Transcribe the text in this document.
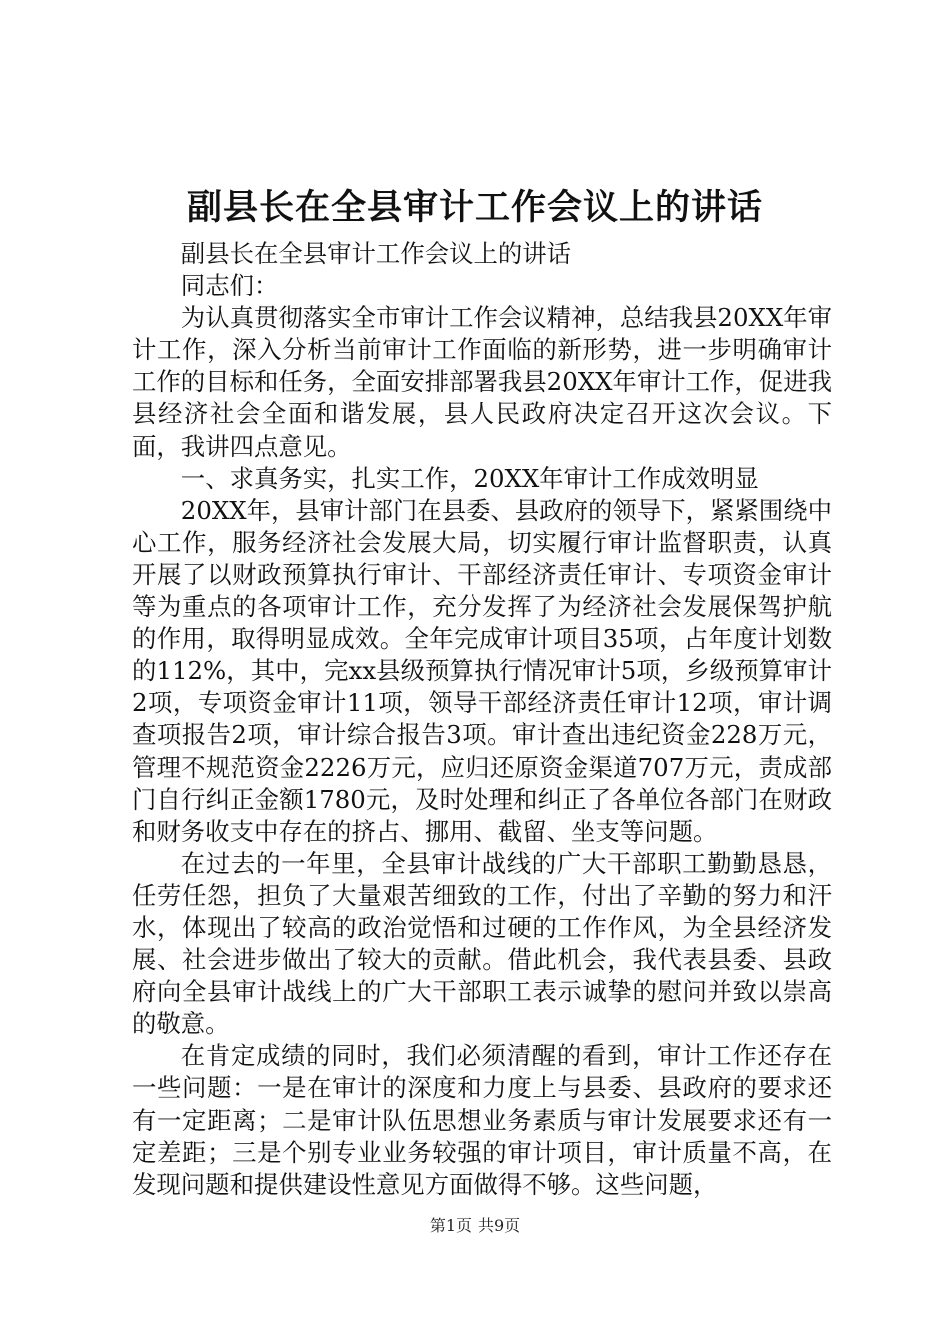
副县长在全县审计工作会议上的讲话

副县长在全县审计工作会议上的讲话

同志们：

为认真贯彻落实全市审计工作会议精神，总结我县20XX年审计工作，深入分析当前审计工作面临的新形势，进一步明确审计工作的目标和任务，全面安排部署我县20XX年审计工作，促进我县经济社会全面和谐发展，县人民政府决定召开这次会议。下面，我讲四点意见。

一、求真务实，扎实工作，20XX年审计工作成效明显

20XX年，县审计部门在县委、县政府的领导下，紧紧围绕中心工作，服务经济社会发展大局，切实履行审计监督职责，认真开展了以财政预算执行审计、干部经济责任审计、专项资金审计等为重点的各项审计工作，充分发挥了为经济社会发展保驾护航的作用，取得明显成效。全年完成审计项目35项，占年度计划数的112%，其中，完xx县级预算执行情况审计5项，乡级预算审计2项，专项资金审计11项，领导干部经济责任审计12项，审计调查项报告2项，审计综合报告3项。审计查出违纪资金228万元，管理不规范资金2226万元，应归还原资金渠道707万元，责成部门自行纠正金额1780元，及时处理和纠正了各单位各部门在财政和财务收支中存在的挤占、挪用、截留、坐支等问题。

在过去的一年里，全县审计战线的广大干部职工勤勤恳恳，任劳任怨，担负了大量艰苦细致的工作，付出了辛勤的努力和汗水，体现出了较高的政治觉悟和过硬的工作作风，为全县经济发展、社会进步做出了较大的贡献。借此机会，我代表县委、县政府向全县审计战线上的广大干部职工表示诚挚的慰问并致以崇高的敬意。

在肯定成绩的同时，我们必须清醒的看到，审计工作还存在一些问题：一是在审计的深度和力度上与县委、县政府的要求还有一定距离；二是审计队伍思想业务素质与审计发展要求还有一定差距；三是个别专业业务较强的审计项目，审计质量不高，在发现问题和提供建设性意见方面做得不够。这些问题，

第1页 共9页
